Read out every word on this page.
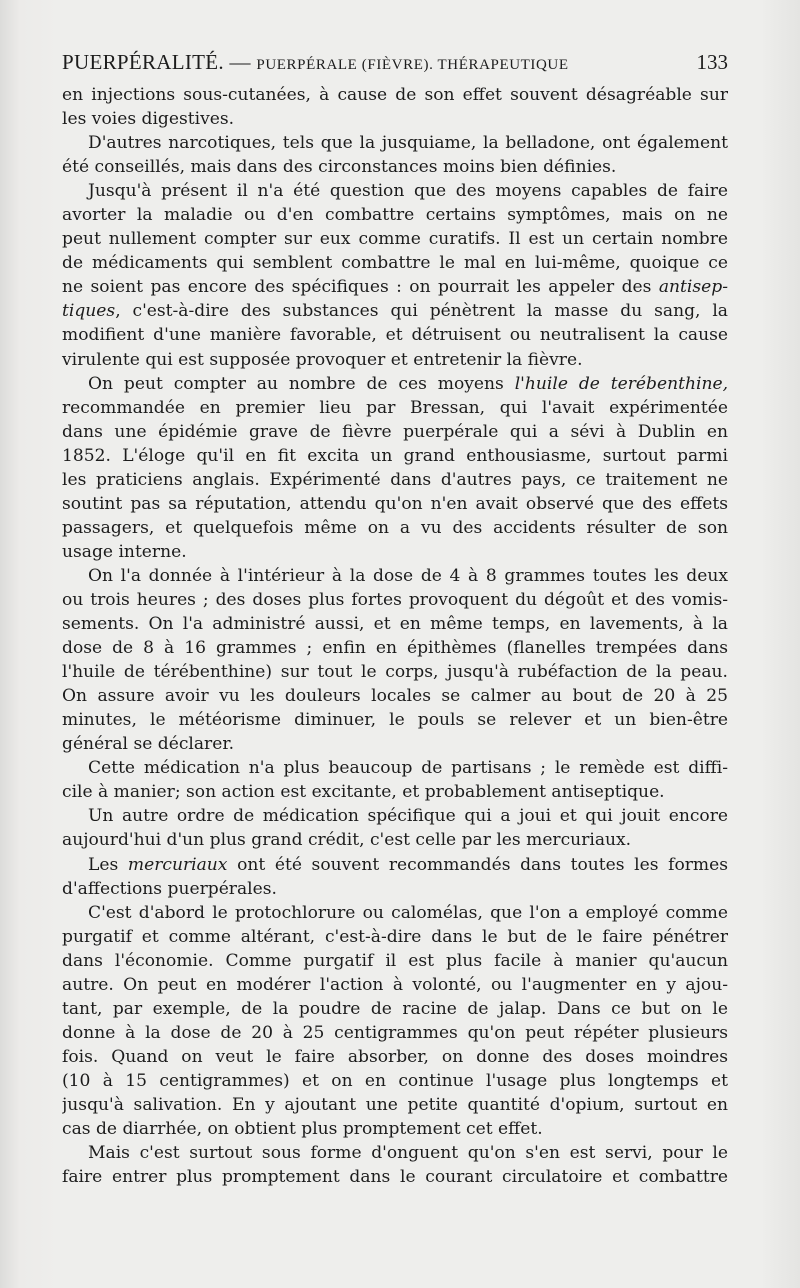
PUERPÉRALITÉ. — PUERPÉRALE (FIÈVRE). THÉRAPEUTIQUE	133
en injections sous-cutanées, à cause de son effet souvent désagréable sur
les voies digestives.
D'autres narcotiques, tels que la jusquiame, la belladone, ont également
été conseillés, mais dans des circonstances moins bien définies.
Jusqu'à présent il n'a été question que des moyens capables de faire
avorter la maladie ou d'en combattre certains symptômes, mais on ne
peut nullement compter sur eux comme curatifs. Il est un certain nombre
de médicaments qui semblent combattre le mal en lui-même, quoique ce
ne soient pas encore des spécifiques : on pourrait les appeler des antisep-
tiques, c'est-à-dire des substances qui pénètrent la masse du sang, la
modifient d'une manière favorable, et détruisent ou neutralisent la cause
virulente qui est supposée provoquer et entretenir la fièvre.
On peut compter au nombre de ces moyens l'huile de terébenthine,
recommandée en premier lieu par Bressan, qui l'avait expérimentée
dans une épidémie grave de fièvre puerpérale qui a sévi à Dublin en
1852. L'éloge qu'il en fit excita un grand enthousiasme, surtout parmi
les praticiens anglais. Expérimenté dans d'autres pays, ce traitement ne
soutint pas sa réputation, attendu qu'on n'en avait observé que des effets
passagers, et quelquefois même on a vu des accidents résulter de son
usage interne.
On l'a donnée à l'intérieur à la dose de 4 à 8 grammes toutes les deux
ou trois heures ; des doses plus fortes provoquent du dégoût et des vomis-
sements. On l'a administré aussi, et en même temps, en lavements, à la
dose de 8 à 16 grammes ; enfin en épithèmes (flanelles trempées dans
l'huile de térébenthine) sur tout le corps, jusqu'à rubéfaction de la peau.
On assure avoir vu les douleurs locales se calmer au bout de 20 à 25
minutes, le météorisme diminuer, le pouls se relever et un bien-être
général se déclarer.
Cette médication n'a plus beaucoup de partisans ; le remède est diffi-
cile à manier; son action est excitante, et probablement antiseptique.
Un autre ordre de médication spécifique qui a joui et qui jouit encore
aujourd'hui d'un plus grand crédit, c'est celle par les mercuriaux.
Les mercuriaux ont été souvent recommandés dans toutes les formes
d'affections puerpérales.
C'est d'abord le protochlorure ou calomélas, que l'on a employé comme
purgatif et comme altérant, c'est-à-dire dans le but de le faire pénétrer
dans l'économie. Comme purgatif il est plus facile à manier qu'aucun
autre. On peut en modérer l'action à volonté, ou l'augmenter en y ajou-
tant, par exemple, de la poudre de racine de jalap. Dans ce but on le
donne à la dose de 20 à 25 centigrammes qu'on peut répéter plusieurs
fois. Quand on veut le faire absorber, on donne des doses moindres
(10 à 15 centigrammes) et on en continue l'usage plus longtemps et
jusqu'à salivation. En y ajoutant une petite quantité d'opium, surtout en
cas de diarrhée, on obtient plus promptement cet effet.
Mais c'est surtout sous forme d'onguent qu'on s'en est servi, pour le
faire entrer plus promptement dans le courant circulatoire et combattre
